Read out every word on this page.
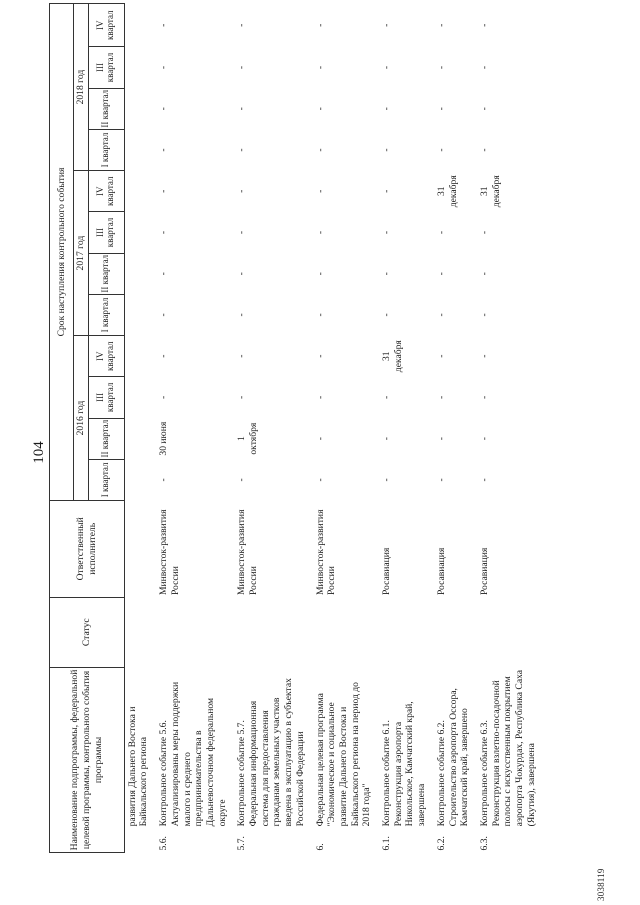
104
Наименование подпрограммы, федеральной целевой программы, контрольного события программы		Статус	Ответственный исполнитель	Срок наступления контрольного события											
				2016 год				2017 год				2018 год			
				I квартал	II квартал	III квартал	IV квартал	I квартал	II квартал	III квартал	IV квартал	I квартал	II квартал	III квартал	IV квартал
	развития Дальнего Востока и Байкальского региона														
5.6.	Контрольное событие 5.6. Актуализированы меры поддержки малого и среднего предпринимательства в Дальневосточном федеральном округе		Минвосток-развития России	-	30 июня	-	-	-	-	-	-	-	-	-	-
5.7.	Контрольное событие 5.7. Федеральная информационная система для предоставления гражданам земельных участков введена в эксплуатацию в субъектах Российской Федерации		Минвосток-развития России	-	1 октября	-	-	-	-	-	-	-	-	-	-
6.	Федеральная целевая программа "Экономическое и социальное развитие Дальнего Востока и Байкальского региона на период до 2018 года"		Минвосток-развития России	-	-	-	-	-	-	-	-	-	-	-	-
6.1.	Контрольное событие 6.1. Реконструкция аэропорта Никольское, Камчатский край, завершена		Росавиация	-	-	-	31 декабря	-	-	-	-	-	-	-	-
6.2.	Контрольное событие 6.2. Строительство аэропорта Оссора, Камчатский край, завершено		Росавиация	-	-	-	-	-	-	-	31 декабря	-	-	-	-
6.3.	Контрольное событие 6.3. Реконструкция взлетно-посадочной полосы с искусственным покрытием аэропорта Чокурдах, Республика Саха (Якутия), завершена		Росавиация	-	-	-	-	-	-	-	31 декабря	-	-	-	-
3038119
